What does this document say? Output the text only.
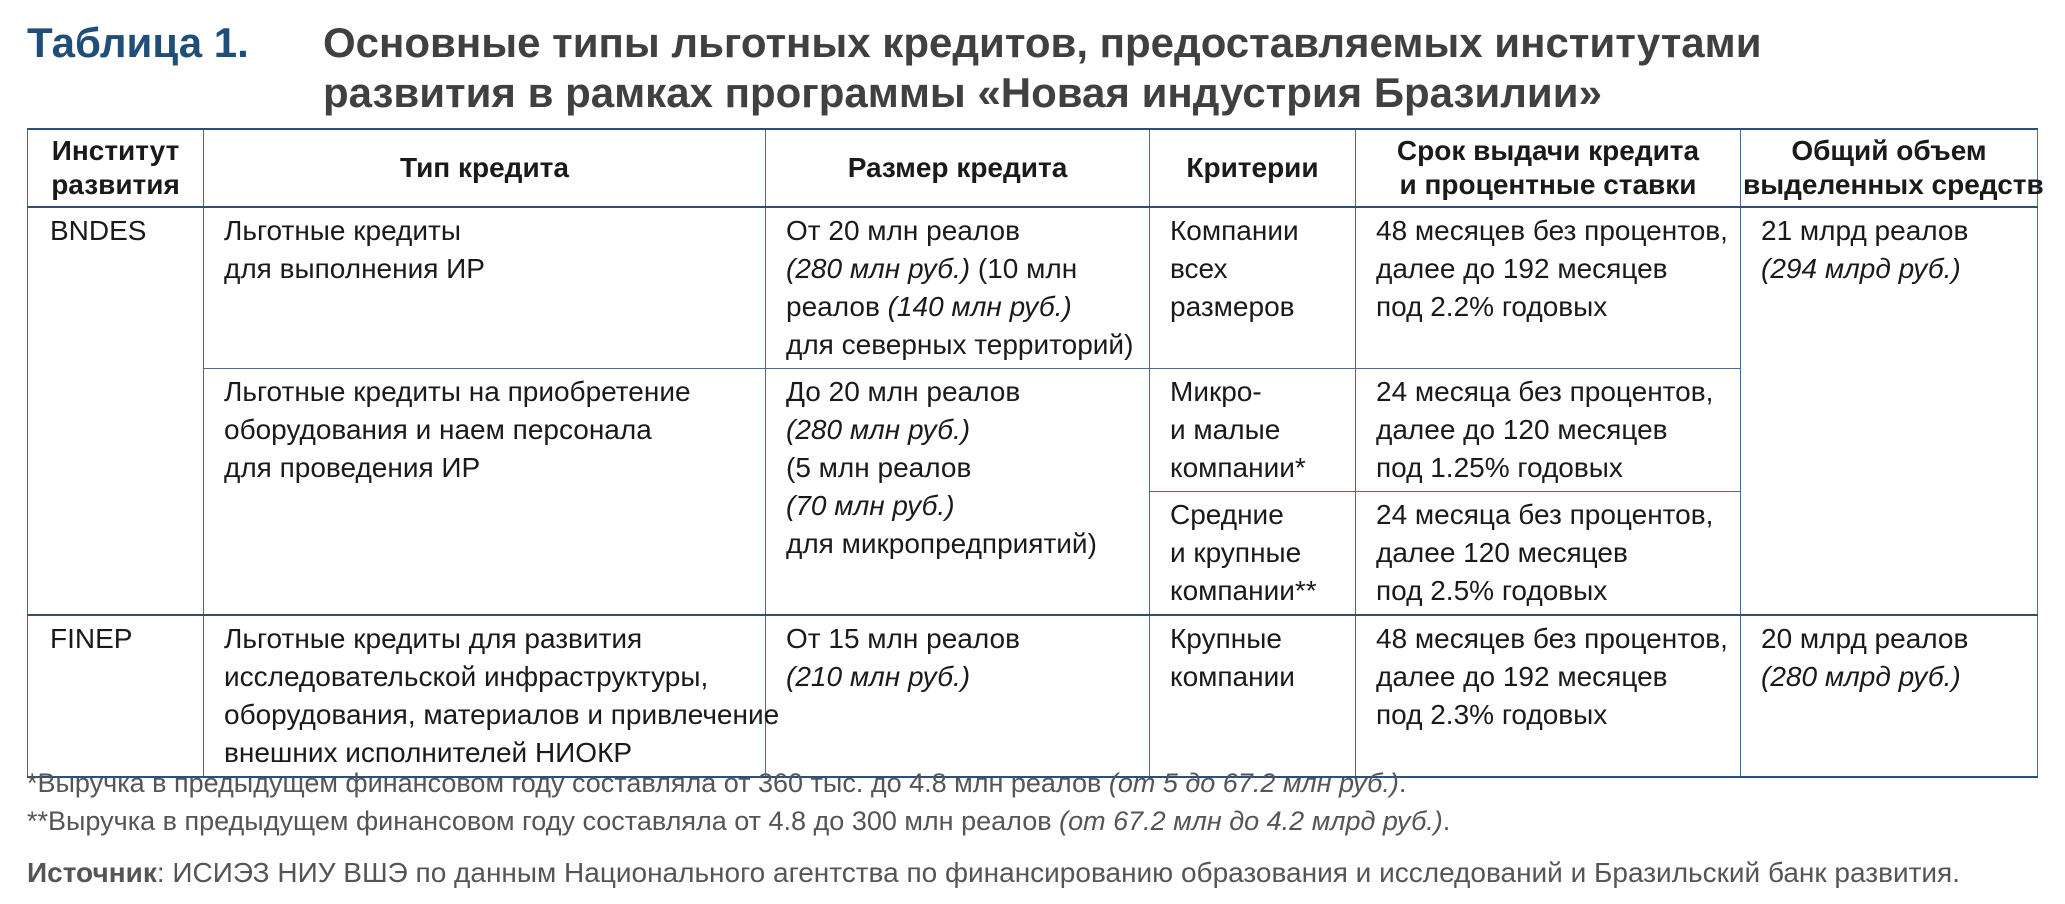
Таблица 1. Основные типы льготных кредитов, предоставляемых институтами
развития в рамках программы «Новая индустрия Бразилии»
Институт
развития	Тип кредита	Размер кредита	Критерии	Срок выдачи кредита
и процентные ставки	Общий объем
выделенных средств

BNDES	Льготные кредиты
для выполнения ИР	От 20 млн реалов
(280 млн руб.) (10 млн
реалов (140 млн руб.)
для северных территорий)	Компании
всех
размеров	48 месяцев без процентов,
далее до 192 месяцев
под 2.2% годовых	21 млрд реалов
(294 млрд руб.)

	Льготные кредиты на приобретение
оборудования и наем персонала
для проведения ИР	До 20 млн реалов
(280 млн руб.)
(5 млн реалов
(70 млн руб.)
для микропредприятий)	Микро-
и малые
компании*	24 месяца без процентов,
далее до 120 месяцев
под 1.25% годовых	

			Средние
и крупные
компании**	24 месяца без процентов,
далее 120 месяцев
под 2.5% годовых	

FINEP	Льготные кредиты для развития
исследовательской инфраструктуры,
оборудования, материалов и привлечение
внешних исполнителей НИОКР	От 15 млн реалов
(210 млн руб.)	Крупные
компании	48 месяцев без процентов,
далее до 192 месяцев
под 2.3% годовых	20 млрд реалов
(280 млрд руб.)
*Выручка в предыдущем финансовом году составляла от 360 тыс. до 4.8 млн реалов (от 5 до 67.2 млн руб.).
**Выручка в предыдущем финансовом году составляла от 4.8 до 300 млн реалов (от 67.2 млн до 4.2 млрд руб.).
Источник: ИСИЭЗ НИУ ВШЭ по данным Национального агентства по финансированию образования и исследований и Бразильский банк развития.
